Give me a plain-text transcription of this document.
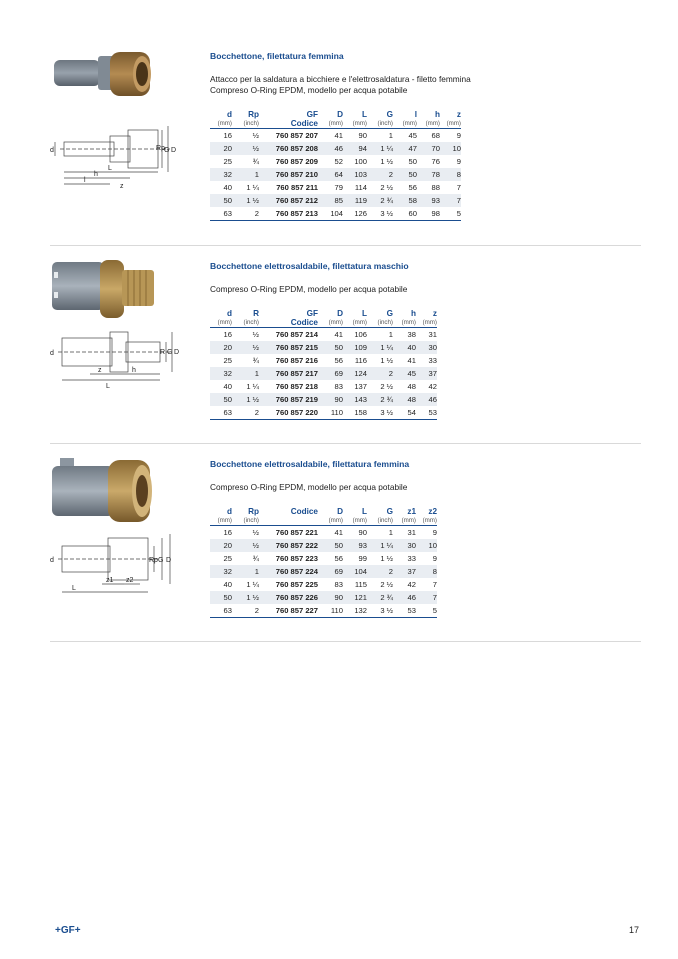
d	Rp G D
L
h
l
z
Bocchettone, filettatura femmina
Attacco per la saldatura a bicchiere e l'elettrosaldatura - filetto femmina
Compreso O-Ring EPDM, modello per acqua potabile
d	Rp	GF	D	L	G	l	h	z
(mm)	(inch)	Codice	(mm)	(mm)	(inch)	(mm)	(mm)	(mm)
16	½	760 857 207	41	90	1	45	68	9
20	½	760 857 208	46	94	1 ¼	47	70	10
25	¾	760 857 209	52	100	1 ½	50	76	9
32	1	760 857 210	64	103	2	50	78	8
40	1 ¼	760 857 211	79	114	2 ½	56	88	7
50	1 ½	760 857 212	85	119	2 ¾	58	93	7
63	2	760 857 213	104	126	3 ½	60	98	5
d	R G D
z	h
L
Bocchettone elettrosaldabile, filettatura maschio
Compreso O-Ring EPDM, modello per acqua potabile
d	R	GF	D	L	G	h	z
(mm)	(inch)	Codice	(mm)	(mm)	(inch)	(mm)	(mm)
16	½	760 857 214	41	106	1	38	31
20	½	760 857 215	50	109	1 ¼	40	30
25	¾	760 857 216	56	116	1 ½	41	33
32	1	760 857 217	69	124	2	45	37
40	1 ¼	760 857 218	83	137	2 ½	48	42
50	1 ½	760 857 219	90	143	2 ¾	48	46
63	2	760 857 220	110	158	3 ½	54	53
d	Rp G D
z1 z2
L
Bocchettone elettrosaldabile, filettatura femmina
Compreso O-Ring EPDM, modello per acqua potabile
d	Rp	Codice	D	L	G	z1	z2
(mm)	(inch)		(mm)	(mm)	(inch)	(mm)	(mm)
16	½	760 857 221	41	90	1	31	9
20	½	760 857 222	50	93	1 ¼	30	10
25	¾	760 857 223	56	99	1 ½	33	9
32	1	760 857 224	69	104	2	37	8
40	1 ¼	760 857 225	83	115	2 ½	42	7
50	1 ½	760 857 226	90	121	2 ¾	46	7
63	2	760 857 227	110	132	3 ½	53	5
+GF+	17
